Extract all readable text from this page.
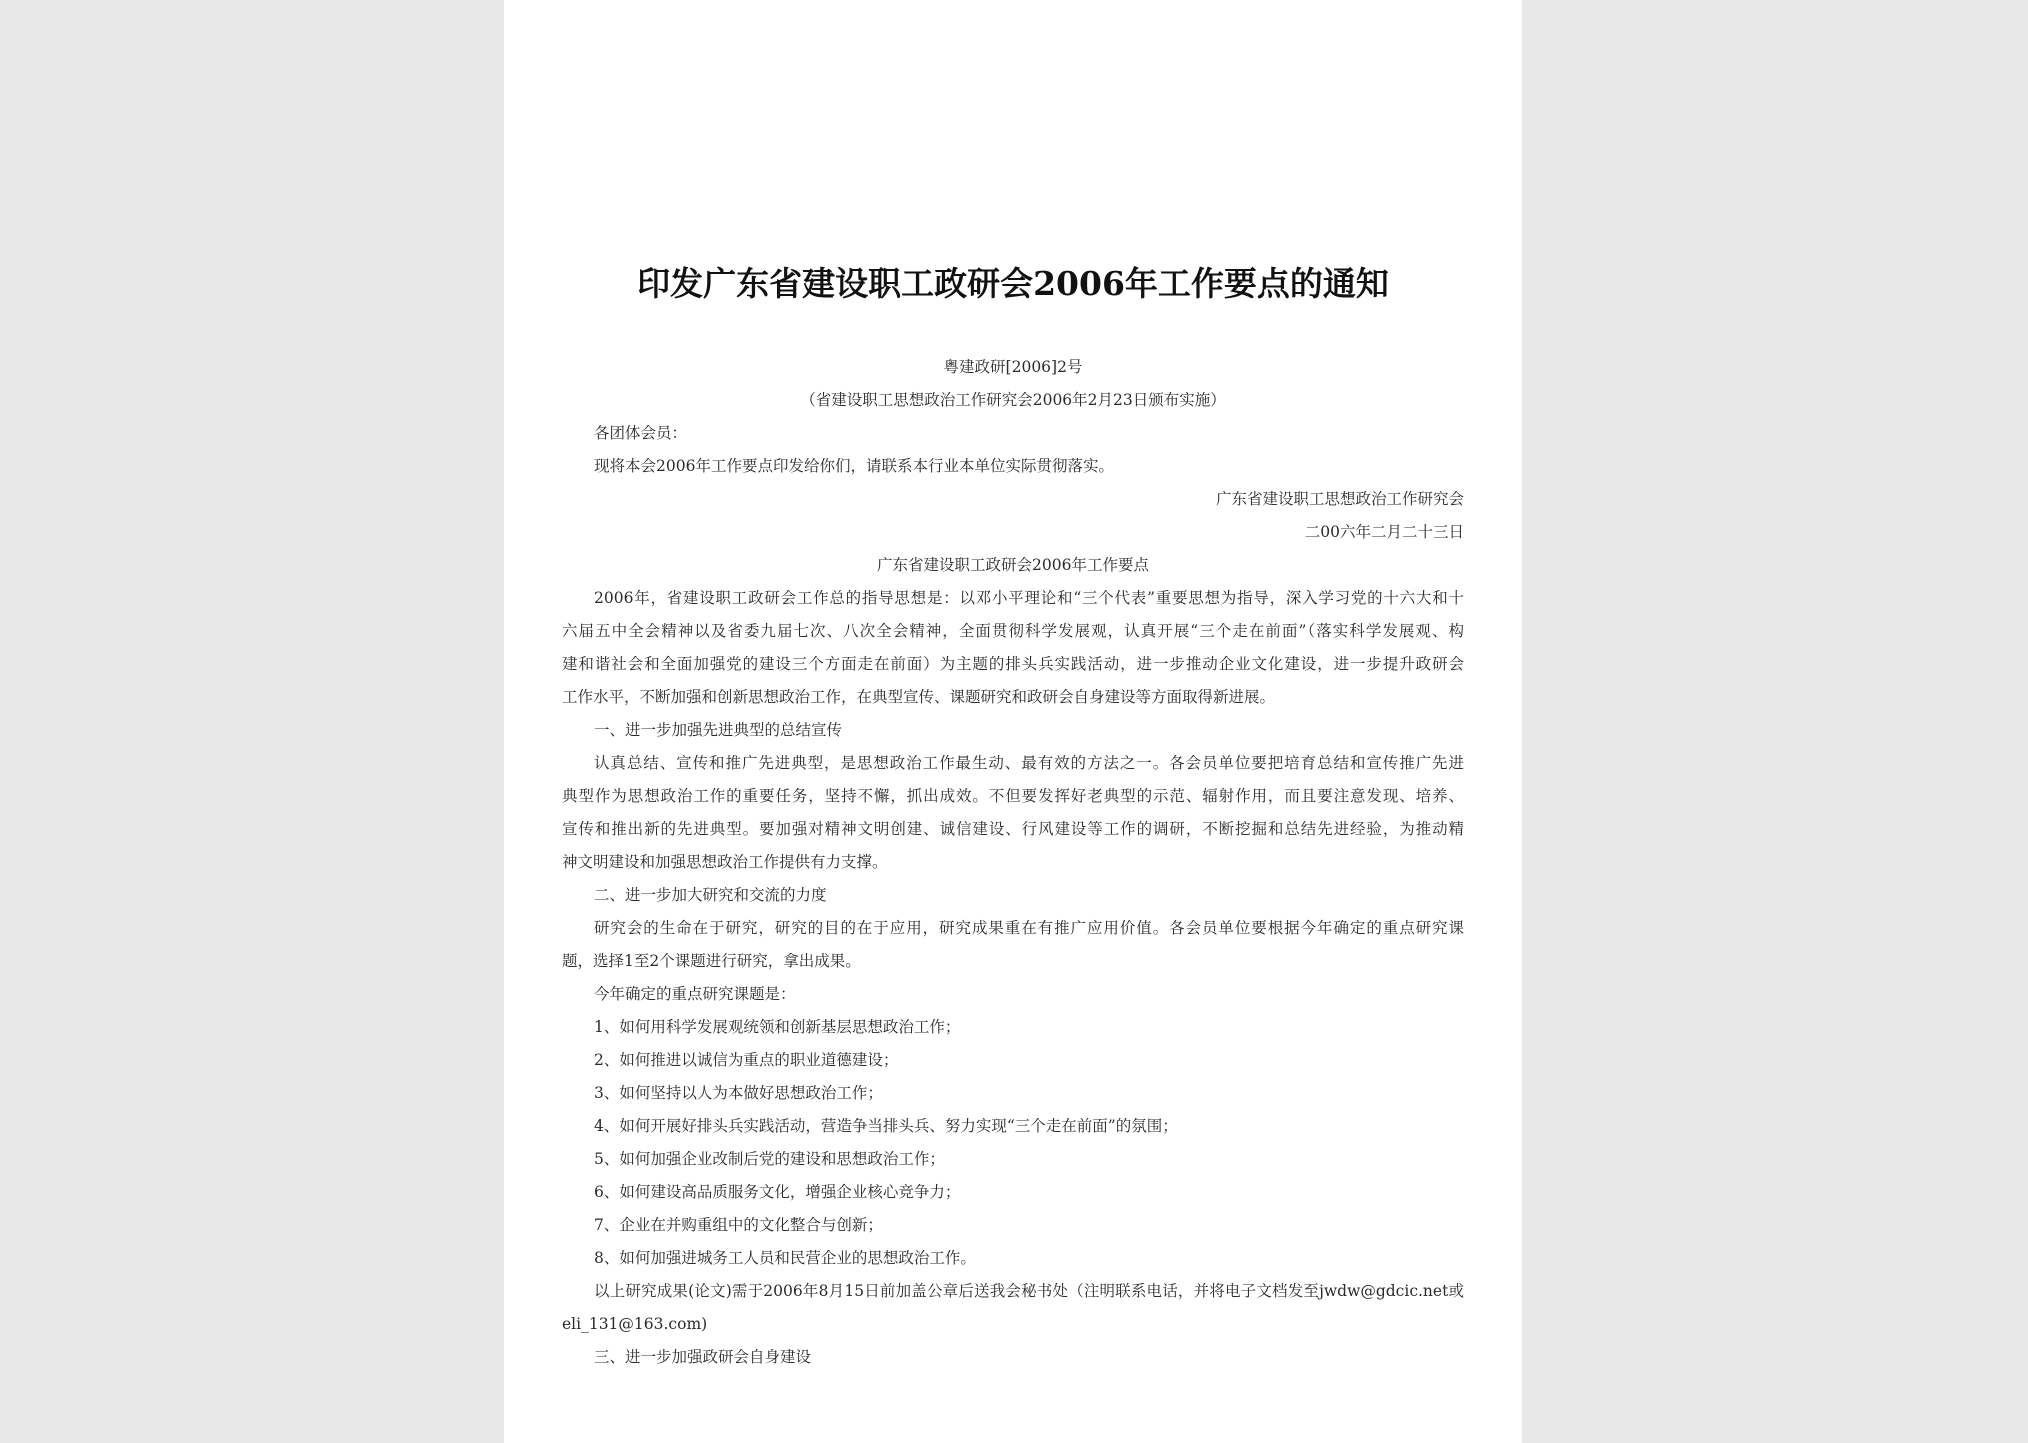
印发广东省建设职工政研会2006年工作要点的通知
粤建政研[2006]2号
（省建设职工思想政治工作研究会2006年2月23日颁布实施）
各团体会员：
现将本会2006年工作要点印发给你们，请联系本行业本单位实际贯彻落实。
广东省建设职工思想政治工作研究会
二00六年二月二十三日
广东省建设职工政研会2006年工作要点
2006年，省建设职工政研会工作总的指导思想是：以邓小平理论和“三个代表”重要思想为指导，深入学习党的十六大和十
六届五中全会精神以及省委九届七次、八次全会精神，全面贯彻科学发展观，认真开展“三个走在前面”（落实科学发展观、构
建和谐社会和全面加强党的建设三个方面走在前面）为主题的排头兵实践活动，进一步推动企业文化建设，进一步提升政研会
工作水平，不断加强和创新思想政治工作，在典型宣传、课题研究和政研会自身建设等方面取得新进展。
一、进一步加强先进典型的总结宣传
认真总结、宣传和推广先进典型，是思想政治工作最生动、最有效的方法之一。各会员单位要把培育总结和宣传推广先进
典型作为思想政治工作的重要任务，坚持不懈，抓出成效。不但要发挥好老典型的示范、辐射作用，而且要注意发现、培养、
宣传和推出新的先进典型。要加强对精神文明创建、诚信建设、行风建设等工作的调研，不断挖掘和总结先进经验，为推动精
神文明建设和加强思想政治工作提供有力支撑。
二、进一步加大研究和交流的力度
研究会的生命在于研究，研究的目的在于应用，研究成果重在有推广应用价值。各会员单位要根据今年确定的重点研究课
题，选择1至2个课题进行研究，拿出成果。
今年确定的重点研究课题是：
1、如何用科学发展观统领和创新基层思想政治工作；
2、如何推进以诚信为重点的职业道德建设；
3、如何坚持以人为本做好思想政治工作；
4、如何开展好排头兵实践活动，营造争当排头兵、努力实现“三个走在前面”的氛围；
5、如何加强企业改制后党的建设和思想政治工作；
6、如何建设高品质服务文化，增强企业核心竞争力；
7、企业在并购重组中的文化整合与创新；
8、如何加强进城务工人员和民营企业的思想政治工作。
以上研究成果(论文)需于2006年8月15日前加盖公章后送我会秘书处（注明联系电话，并将电子文档发至jwdw@gdcic.net或
eli_131@163.com)
三、进一步加强政研会自身建设
